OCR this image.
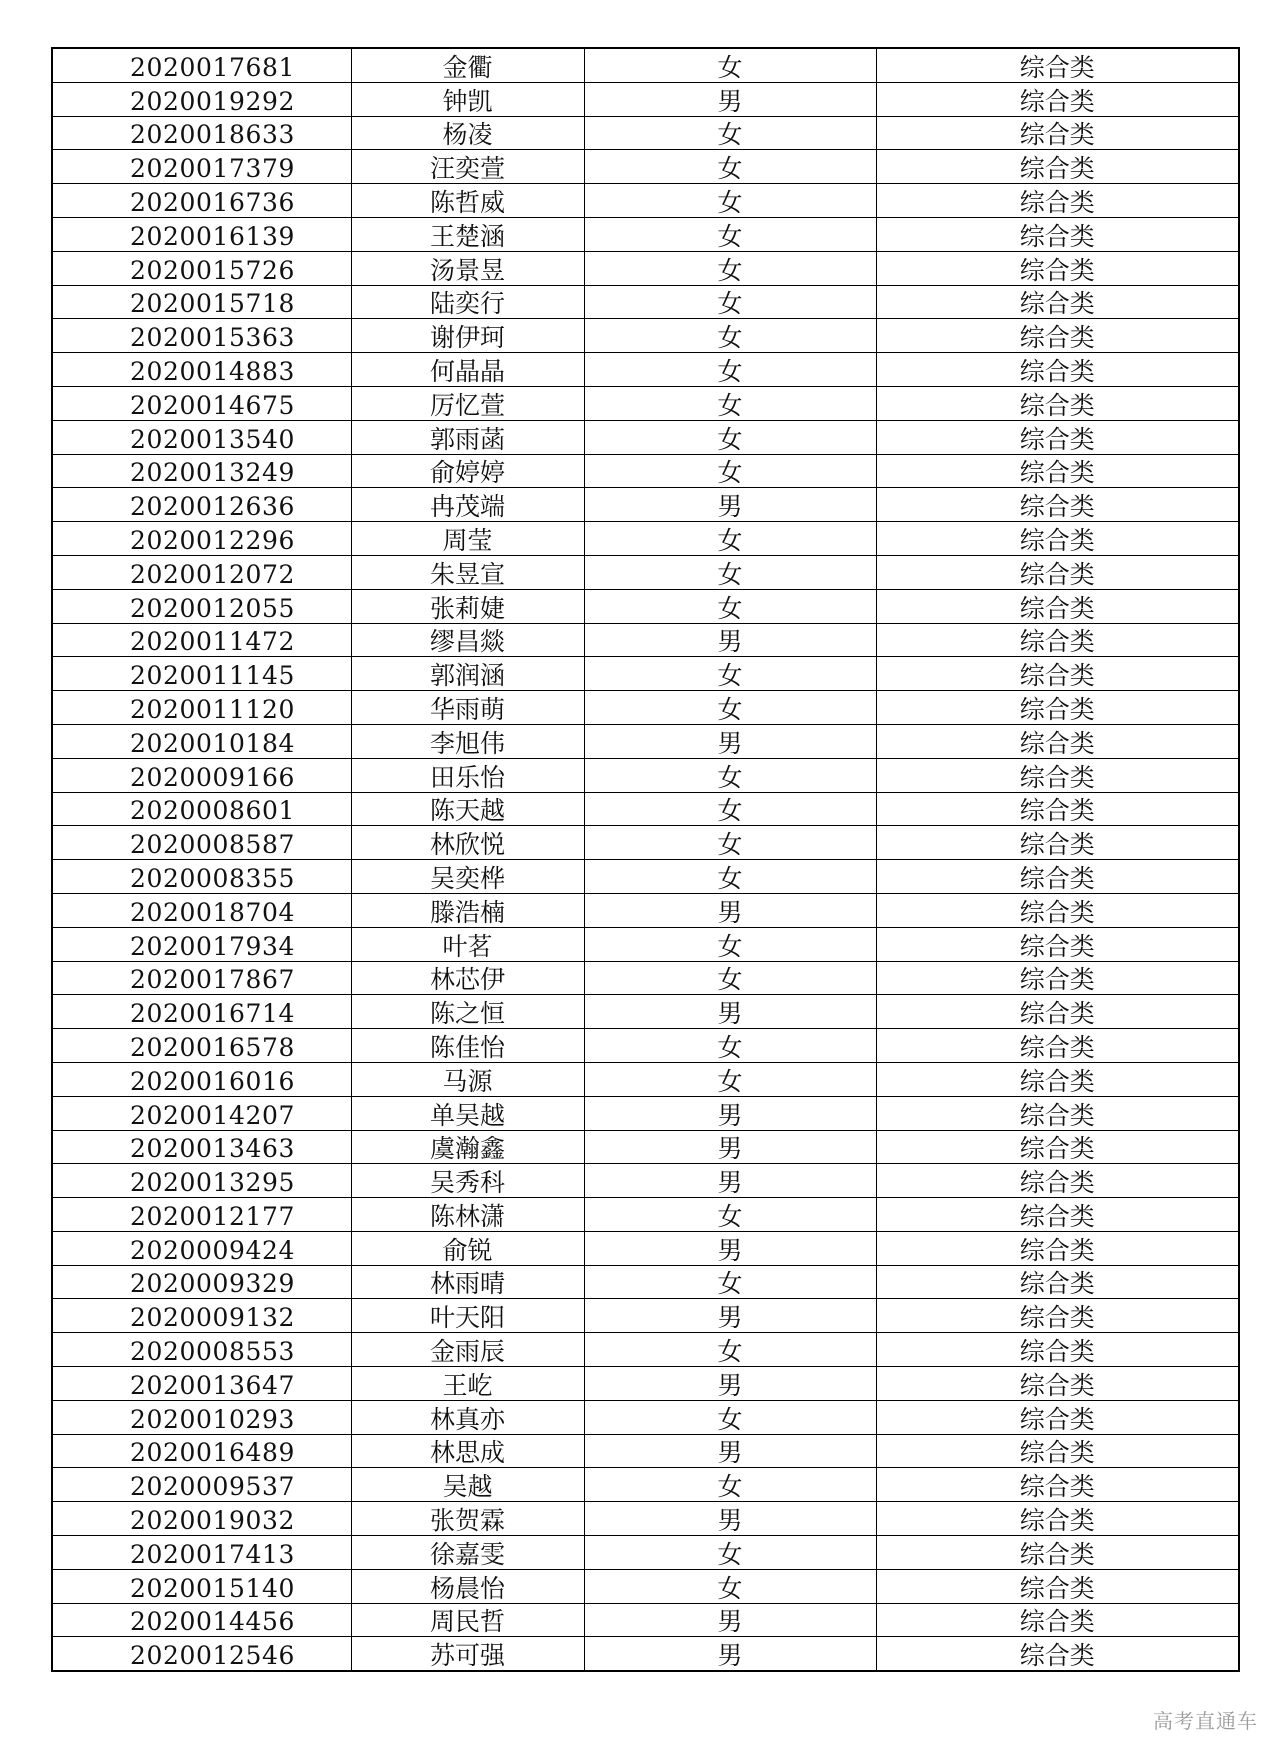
2020017681	金衢	女	综合类
2020019292	钟凯	男	综合类
2020018633	杨凌	女	综合类
2020017379	汪奕萱	女	综合类
2020016736	陈哲威	女	综合类
2020016139	王楚涵	女	综合类
2020015726	汤景昱	女	综合类
2020015718	陆奕行	女	综合类
2020015363	谢伊珂	女	综合类
2020014883	何晶晶	女	综合类
2020014675	厉忆萱	女	综合类
2020013540	郭雨菡	女	综合类
2020013249	俞婷婷	女	综合类
2020012636	冉茂端	男	综合类
2020012296	周莹	女	综合类
2020012072	朱昱宣	女	综合类
2020012055	张莉婕	女	综合类
2020011472	缪昌燚	男	综合类
2020011145	郭润涵	女	综合类
2020011120	华雨萌	女	综合类
2020010184	李旭伟	男	综合类
2020009166	田乐怡	女	综合类
2020008601	陈天越	女	综合类
2020008587	林欣悦	女	综合类
2020008355	吴奕桦	女	综合类
2020018704	滕浩楠	男	综合类
2020017934	叶茗	女	综合类
2020017867	林芯伊	女	综合类
2020016714	陈之恒	男	综合类
2020016578	陈佳怡	女	综合类
2020016016	马源	女	综合类
2020014207	单吴越	男	综合类
2020013463	虞瀚鑫	男	综合类
2020013295	吴秀科	男	综合类
2020012177	陈林潇	女	综合类
2020009424	俞锐	男	综合类
2020009329	林雨晴	女	综合类
2020009132	叶天阳	男	综合类
2020008553	金雨辰	女	综合类
2020013647	王屹	男	综合类
2020010293	林真亦	女	综合类
2020016489	林思成	男	综合类
2020009537	吴越	女	综合类
2020019032	张贺霖	男	综合类
2020017413	徐嘉雯	女	综合类
2020015140	杨晨怡	女	综合类
2020014456	周民哲	男	综合类
2020012546	苏可强	男	综合类
高考直通车
